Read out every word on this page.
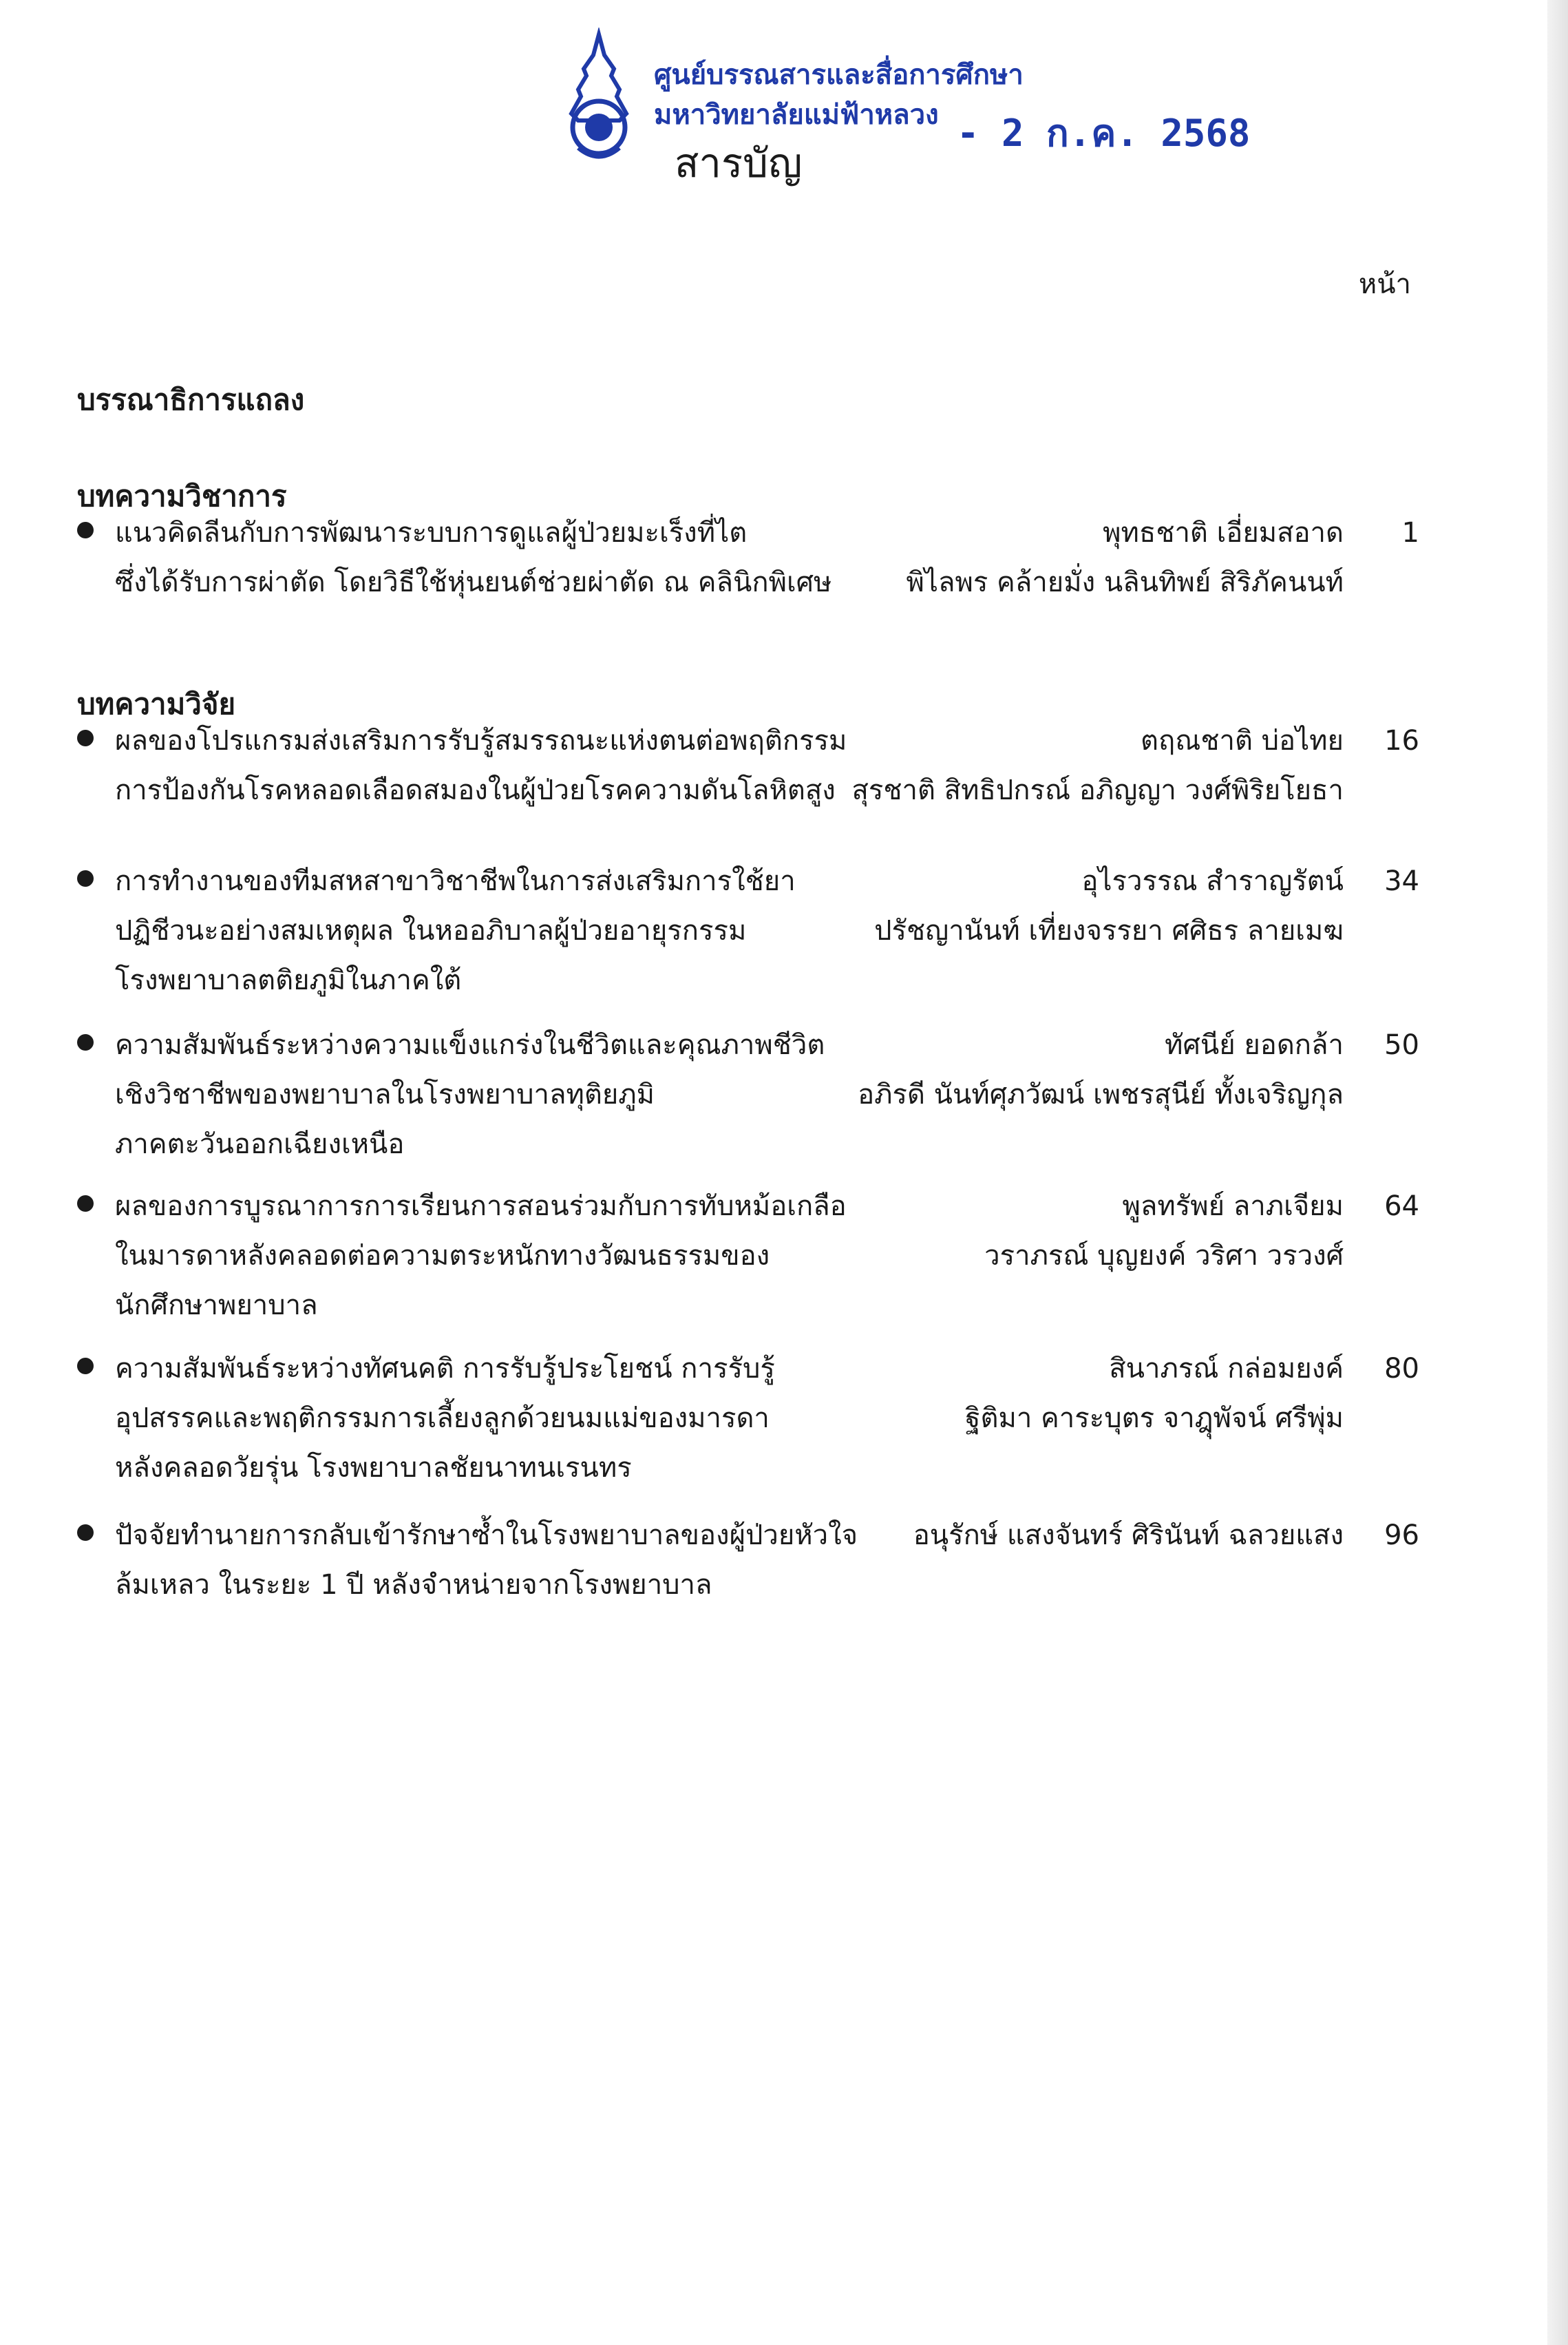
ศูนย์บรรณสารและสื่อการศึกษา
มหาวิทยาลัยแม่ฟ้าหลวง - 2 ก.ค. 2568
สารบัญ
หน้า
บรรณาธิการแถลง
บทความวิชาการ
บทความวิจัย
แนวคิดลีนกับการพัฒนาระบบการดูแลผู้ป่วยมะเร็งที่ไต
ซึ่งได้รับการผ่าตัด โดยวิธีใช้หุ่นยนต์ช่วยผ่าตัด ณ คลินิกพิเศษ
พุทธชาติ เอี่ยมสอาด
พิไลพร คล้ายมั่ง นลินทิพย์ สิริภัคนนท์
1
ผลของโปรแกรมส่งเสริมการรับรู้สมรรถนะแห่งตนต่อพฤติกรรม
การป้องกันโรคหลอดเลือดสมองในผู้ป่วยโรคความดันโลหิตสูง
ตฤณชาติ บ่อไทย
สุรชาติ สิทธิปกรณ์ อภิญญา วงศ์พิริยโยธา
16
การทำงานของทีมสหสาขาวิชาชีพในการส่งเสริมการใช้ยา
ปฏิชีวนะอย่างสมเหตุผล ในหออภิบาลผู้ป่วยอายุรกรรม
โรงพยาบาลตติยภูมิในภาคใต้
อุไรวรรณ สำราญรัตน์
ปรัชญานันท์ เที่ยงจรรยา ศศิธร ลายเมฆ
34
ความสัมพันธ์ระหว่างความแข็งแกร่งในชีวิตและคุณภาพชีวิต
เชิงวิชาชีพของพยาบาลในโรงพยาบาลทุติยภูมิ
ภาคตะวันออกเฉียงเหนือ
ทัศนีย์ ยอดกล้า
อภิรดี นันท์ศุภวัฒน์ เพชรสุนีย์ ทั้งเจริญกุล
50
ผลของการบูรณาการการเรียนการสอนร่วมกับการทับหม้อเกลือ
ในมารดาหลังคลอดต่อความตระหนักทางวัฒนธรรมของ
นักศึกษาพยาบาล
พูลทรัพย์ ลาภเจียม
วราภรณ์ บุญยงค์ วริศา วรวงศ์
64
ความสัมพันธ์ระหว่างทัศนคติ การรับรู้ประโยชน์ การรับรู้
อุปสรรคและพฤติกรรมการเลี้ยงลูกด้วยนมแม่ของมารดา
หลังคลอดวัยรุ่น โรงพยาบาลชัยนาทนเรนทร
สินาภรณ์ กล่อมยงค์
ฐิติมา คาระบุตร จาฎุพัจน์ ศรีพุ่ม
80
ปัจจัยทำนายการกลับเข้ารักษาซ้ำในโรงพยาบาลของผู้ป่วยหัวใจ
ล้มเหลว ในระยะ 1 ปี หลังจำหน่ายจากโรงพยาบาล
อนุรักษ์ แสงจันทร์ ศิรินันท์ ฉลวยแสง	96
